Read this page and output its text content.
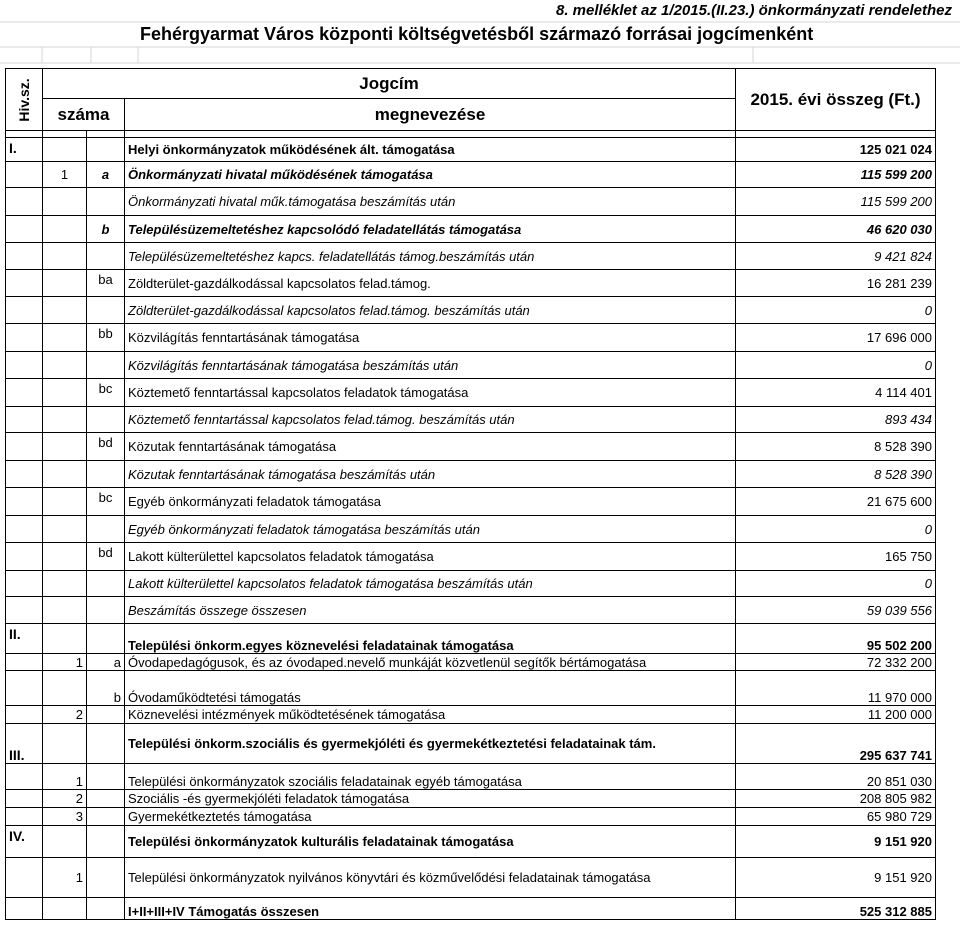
8. melléklet az 1/2015.(II.23.) önkormányzati rendelethez
Fehérgyarmat Város központi költségvetésből származó forrásai jogcímenként
Hiv.sz.	Jogcím			2015. évi összeg (Ft.)
	száma		megnevezése	

I.			Helyi önkormányzatok működésének ált. támogatása	125 021 024
	1	a	Önkormányzati hivatal működésének támogatása	115 599 200
			Önkormányzati hivatal műk.támogatása beszámítás után	115 599 200
		b	Településüzemeltetéshez kapcsolódó feladatellátás támogatása	46 620 030
			Településüzemeltetéshez kapcs. feladatellátás támog.beszámítás után	9 421 824
		ba	Zöldterület-gazdálkodással kapcsolatos felad.támog.	16 281 239
			Zöldterület-gazdálkodással kapcsolatos felad.támog. beszámítás után	0
		bb	Közvilágítás fenntartásának támogatása	17 696 000
			Közvilágítás fenntartásának támogatása beszámítás után	0
		bc	Köztemető fenntartással kapcsolatos feladatok támogatása	4 114 401
			Köztemető fenntartással kapcsolatos felad.támog. beszámítás után	893 434
		bd	Közutak fenntartásának támogatása	8 528 390
			Közutak fenntartásának támogatása beszámítás után	8 528 390
		bc	Egyéb önkormányzati feladatok támogatása	21 675 600
			Egyéb önkormányzati feladatok támogatása beszámítás után	0
		bd	Lakott külterülettel kapcsolatos feladatok támogatása	165 750
			Lakott külterülettel kapcsolatos feladatok támogatása beszámítás után	0
			Beszámítás összege összesen	59 039 556
II.			Települési önkorm.egyes köznevelési feladatainak támogatása	95 502 200
	1	a	Óvodapedagógusok, és az óvodaped.nevelő munkáját közvetlenül segítők bértámogatása	72 332 200
		b	Óvodaműködtetési támogatás	11 970 000
	2		Köznevelési intézmények működtetésének támogatása	11 200 000
III.			Települési önkorm.szociális és gyermekjóléti és gyermekétkeztetési feladatainak tám.	295 637 741
	1		Települési önkormányzatok szociális feladatainak egyéb támogatása	20 851 030
	2		Szociális -és gyermekjóléti feladatok támogatása	208 805 982
	3		Gyermekétkeztetés támogatása	65 980 729
IV.			Települési önkormányzatok kulturális feladatainak támogatása	9 151 920
	1		Települési önkormányzatok nyilvános könyvtári és közművelődési feladatainak támogatása	9 151 920
			I+II+III+IV Támogatás összesen	525 312 885
